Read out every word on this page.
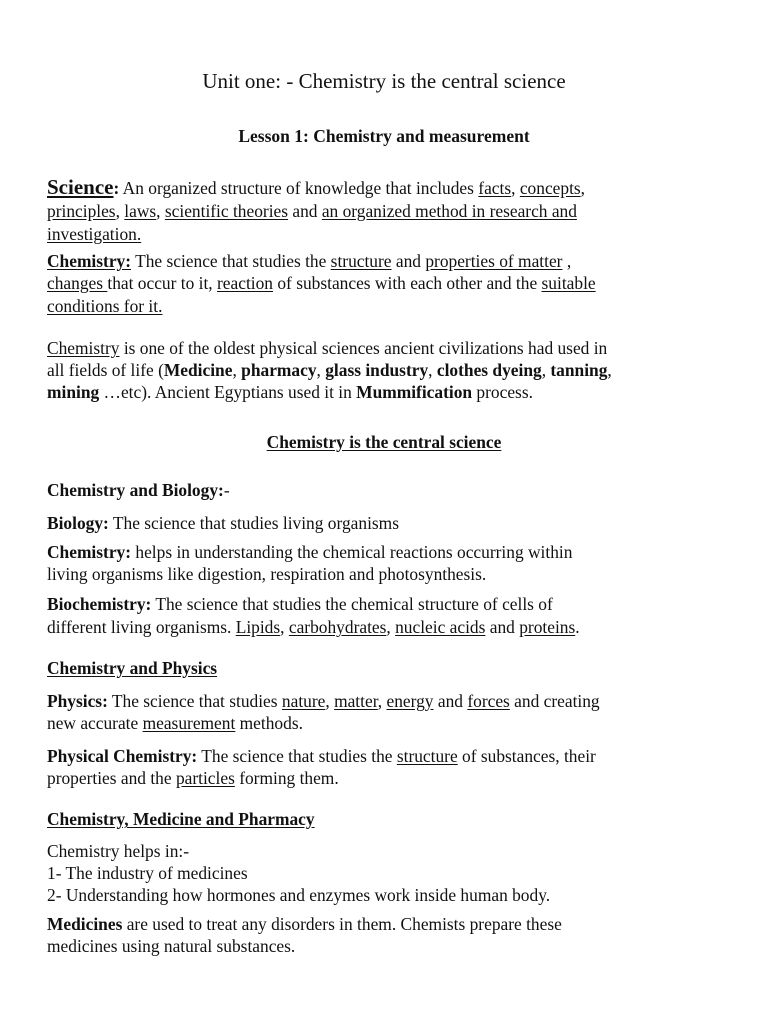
Unit one: - Chemistry is the central science
Lesson 1: Chemistry and measurement
Science: An organized structure of knowledge that includes facts, concepts,
principles, laws, scientific theories and an organized method in research and
investigation.
Chemistry: The science that studies the structure and properties of matter ,
changes that occur to it, reaction of substances with each other and the suitable
conditions for it.
Chemistry is one of the oldest physical sciences ancient civilizations had used in
all fields of life (Medicine, pharmacy, glass industry, clothes dyeing, tanning,
mining …etc). Ancient Egyptians used it in Mummification process.
Chemistry is the central science
Chemistry and Biology:-
Biology: The science that studies living organisms
Chemistry: helps in understanding the chemical reactions occurring within
living organisms like digestion, respiration and photosynthesis.
Biochemistry: The science that studies the chemical structure of cells of
different living organisms. Lipids, carbohydrates, nucleic acids and proteins.
Chemistry and Physics
Physics: The science that studies nature, matter, energy and forces and creating
new accurate measurement methods.
Physical Chemistry: The science that studies the structure of substances, their
properties and the particles forming them.
Chemistry, Medicine and Pharmacy
Chemistry helps in:-
1- The industry of medicines
2- Understanding how hormones and enzymes work inside human body.
Medicines are used to treat any disorders in them. Chemists prepare these
medicines using natural substances.
